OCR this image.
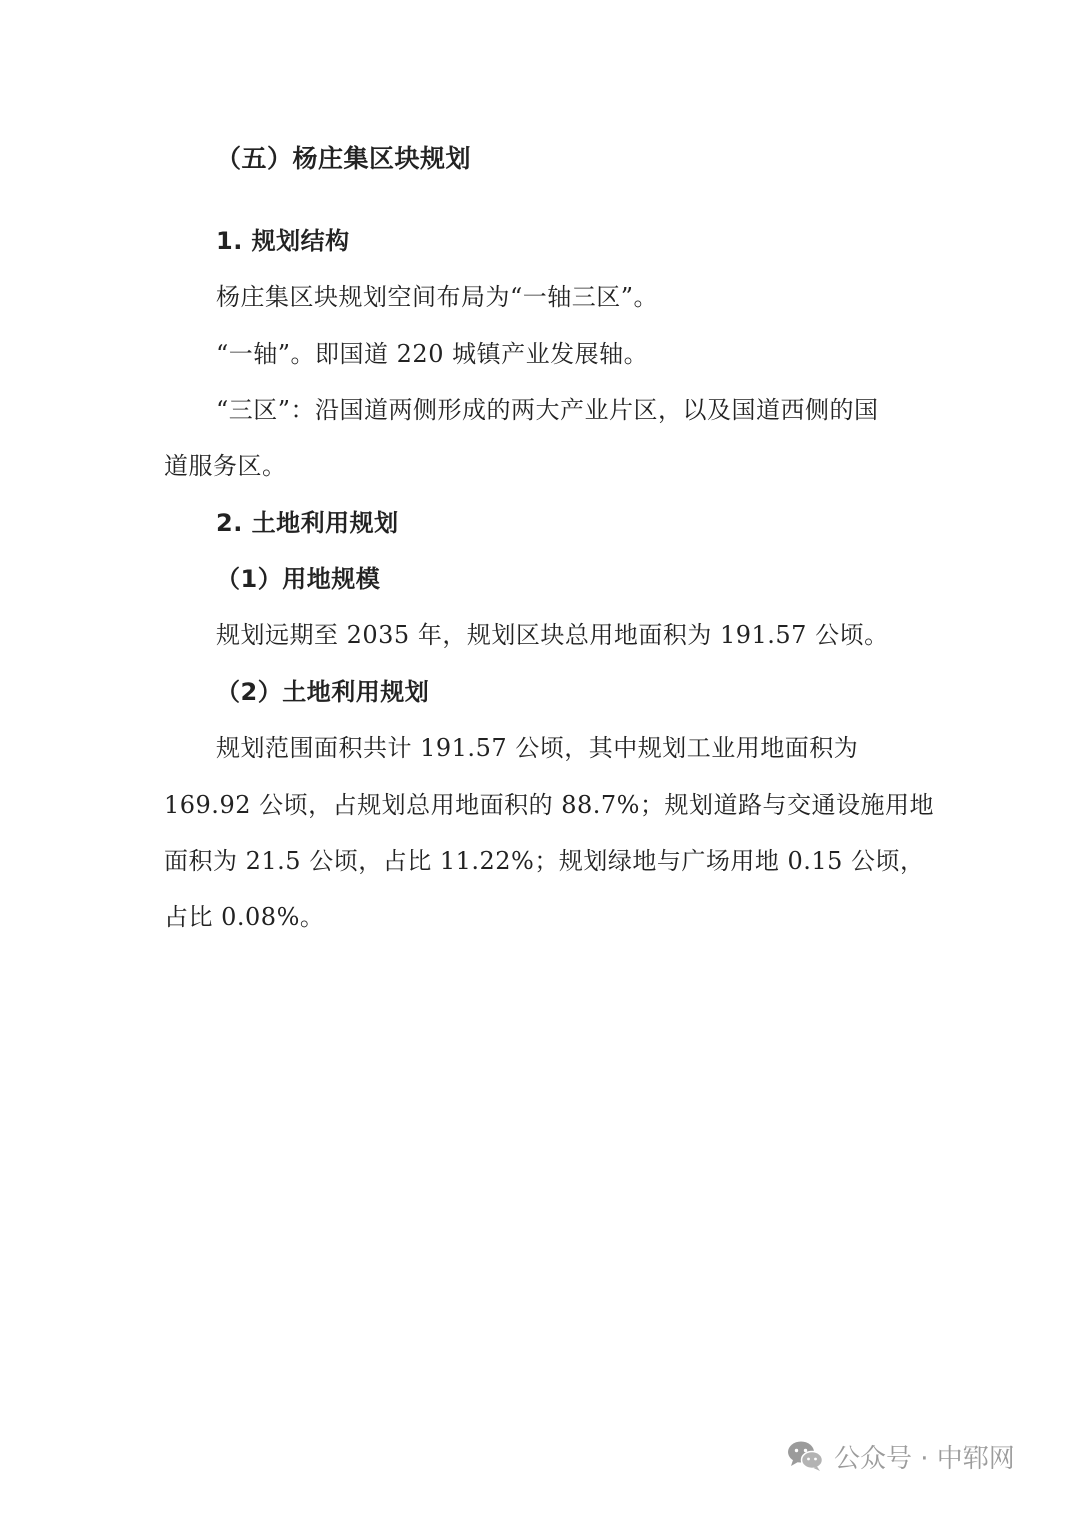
（五）杨庄集区块规划
1. 规划结构
杨庄集区块规划空间布局为“一轴三区”。
“一轴”。即国道 220 城镇产业发展轴。
“三区”：沿国道两侧形成的两大产业片区，以及国道西侧的国
道服务区。
2. 土地利用规划
（1）用地规模
规划远期至 2035 年，规划区块总用地面积为 191.57 公顷。
（2）土地利用规划
规划范围面积共计 191.57 公顷，其中规划工业用地面积为
169.92 公顷，占规划总用地面积的 88.7%；规划道路与交通设施用地
面积为 21.5 公顷，占比 11.22%；规划绿地与广场用地 0.15 公顷，
占比 0.08%。
公众号 · 中郓网
